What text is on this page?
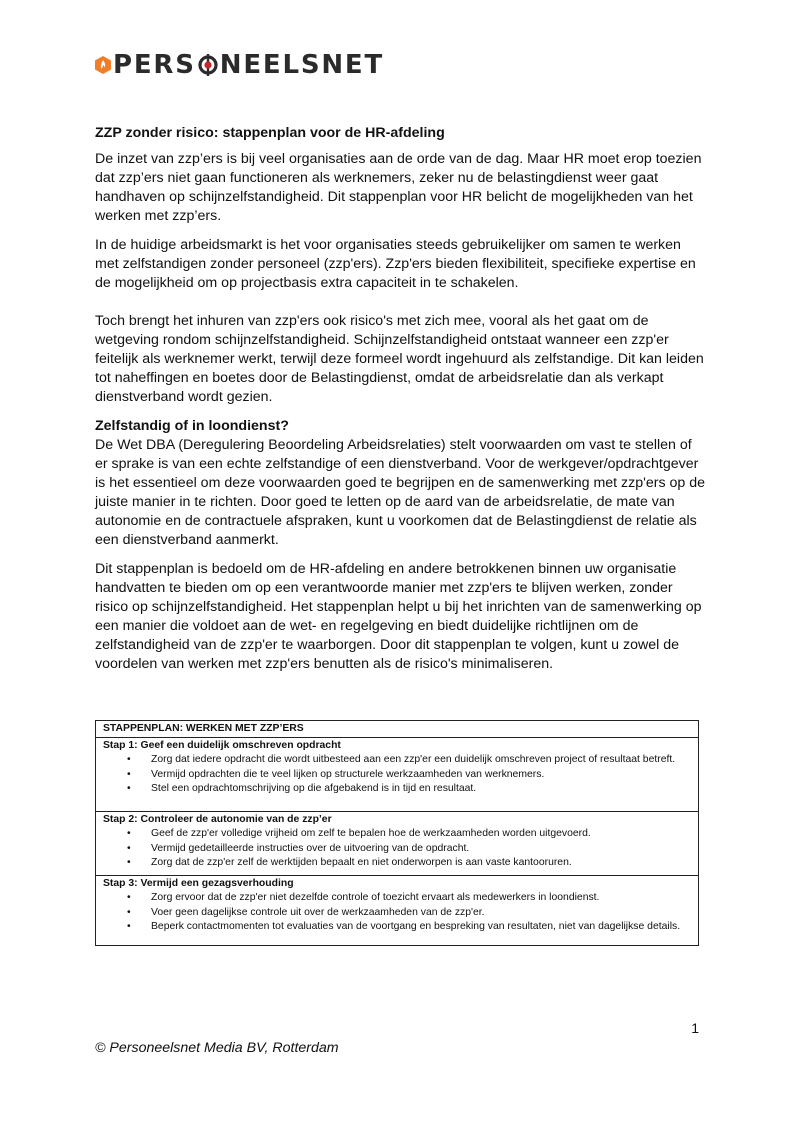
PERS NEELSNET
ZZP zonder risico: stappenplan voor de HR-afdeling

De inzet van zzp’ers is bij veel organisaties aan de orde van de dag. Maar HR moet erop toezien dat zzp’ers niet gaan functioneren als werknemers, zeker nu de belastingdienst weer gaat handhaven op schijnzelfstandigheid. Dit stappenplan voor HR belicht de mogelijkheden van het werken met zzp’ers.

In de huidige arbeidsmarkt is het voor organisaties steeds gebruikelijker om samen te werken met zelfstandigen zonder personeel (zzp'ers). Zzp'ers bieden flexibiliteit, specifieke expertise en de mogelijkheid om op projectbasis extra capaciteit in te schakelen.

Toch brengt het inhuren van zzp'ers ook risico's met zich mee, vooral als het gaat om de wetgeving rondom schijnzelfstandigheid. Schijnzelfstandigheid ontstaat wanneer een zzp'er feitelijk als werknemer werkt, terwijl deze formeel wordt ingehuurd als zelfstandige. Dit kan leiden tot naheffingen en boetes door de Belastingdienst, omdat de arbeidsrelatie dan als verkapt dienstverband wordt gezien.

Zelfstandig of in loondienst?

De Wet DBA (Deregulering Beoordeling Arbeidsrelaties) stelt voorwaarden om vast te stellen of er sprake is van een echte zelfstandige of een dienstverband. Voor de werkgever/opdrachtgever is het essentieel om deze voorwaarden goed te begrijpen en de samenwerking met zzp'ers op de juiste manier in te richten. Door goed te letten op de aard van de arbeidsrelatie, de mate van autonomie en de contractuele afspraken, kunt u voorkomen dat de Belastingdienst de relatie als een dienstverband aanmerkt.

Dit stappenplan is bedoeld om de HR-afdeling en andere betrokkenen binnen uw organisatie handvatten te bieden om op een verantwoorde manier met zzp'ers te blijven werken, zonder risico op schijnzelfstandigheid. Het stappenplan helpt u bij het inrichten van de samenwerking op een manier die voldoet aan de wet- en regelgeving en biedt duidelijke richtlijnen om de zelfstandigheid van de zzp'er te waarborgen. Door dit stappenplan te volgen, kunt u zowel de voordelen van werken met zzp'ers benutten als de risico's minimaliseren.

STAPPENPLAN: WERKEN MET ZZP’ERS

Stap 1: Geef een duidelijk omschreven opdracht
• Zorg dat iedere opdracht die wordt uitbesteed aan een zzp'er een duidelijk omschreven project of resultaat betreft.
• Vermijd opdrachten die te veel lijken op structurele werkzaamheden van werknemers.
• Stel een opdrachtomschrijving op die afgebakend is in tijd en resultaat.

Stap 2: Controleer de autonomie van de zzp’er
• Geef de zzp'er volledige vrijheid om zelf te bepalen hoe de werkzaamheden worden uitgevoerd.
• Vermijd gedetailleerde instructies over de uitvoering van de opdracht.
• Zorg dat de zzp'er zelf de werktijden bepaalt en niet onderworpen is aan vaste kantooruren.

Stap 3: Vermijd een gezagsverhouding
• Zorg ervoor dat de zzp'er niet dezelfde controle of toezicht ervaart als medewerkers in loondienst.
• Voer geen dagelijkse controle uit over de werkzaamheden van de zzp'er.
• Beperk contactmomenten tot evaluaties van de voortgang en bespreking van resultaten, niet van dagelijkse details.
1
© Personeelsnet Media BV, Rotterdam
